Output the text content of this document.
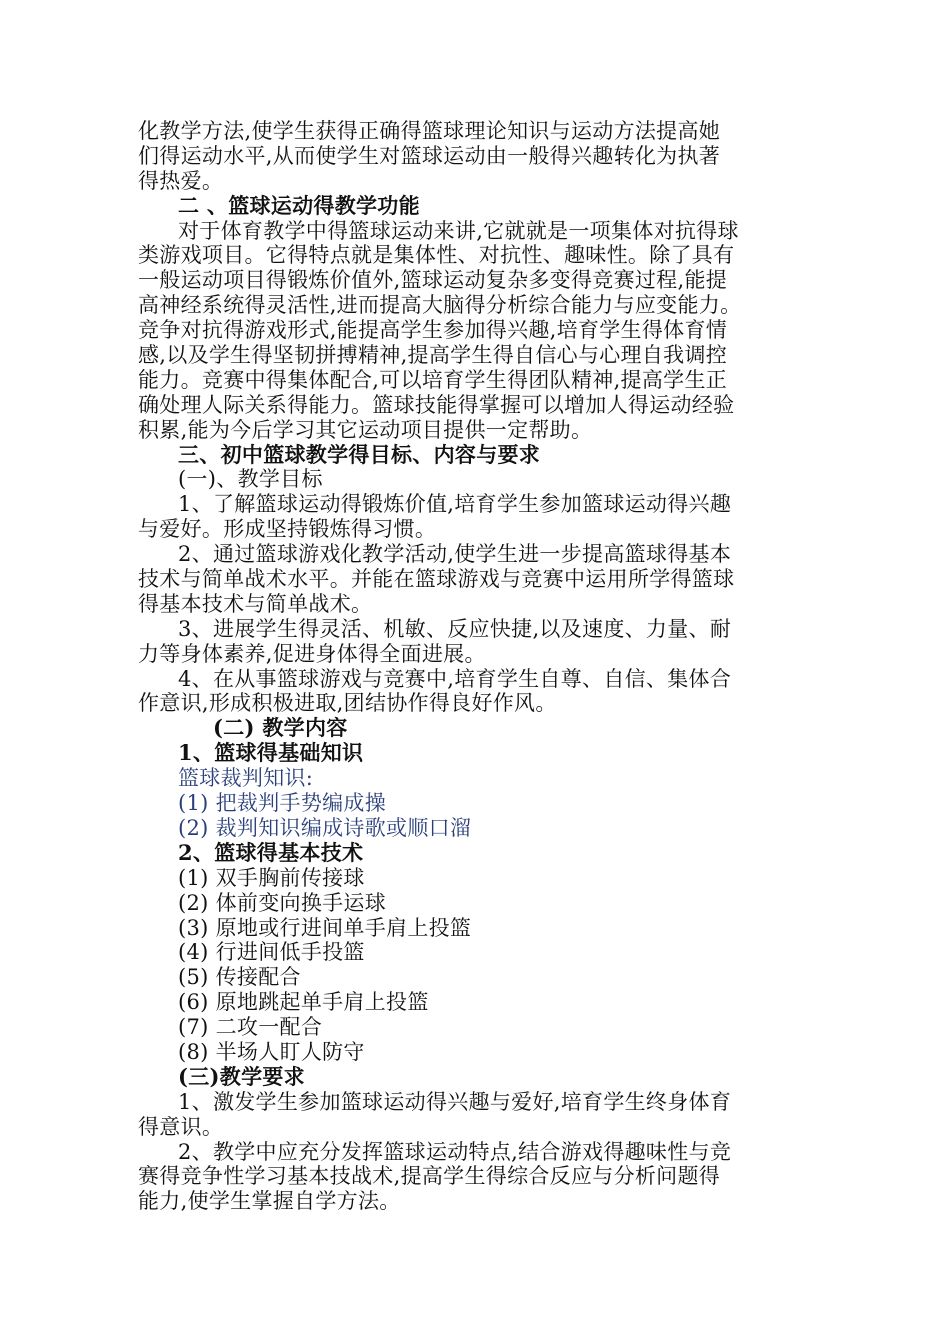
化教学方法,使学生获得正确得篮球理论知识与运动方法提高她
们得运动水平,从而使学生对篮球运动由一般得兴趣转化为执著
得热爱。
二 、篮球运动得教学功能
对于体育教学中得篮球运动来讲,它就就是一项集体对抗得球
类游戏项目。它得特点就是集体性、对抗性、趣味性。除了具有
一般运动项目得锻炼价值外,篮球运动复杂多变得竞赛过程,能提
高神经系统得灵活性,进而提高大脑得分析综合能力与应变能力。
竞争对抗得游戏形式,能提高学生参加得兴趣,培育学生得体育情
感,以及学生得坚韧拼搏精神,提高学生得自信心与心理自我调控
能力。竞赛中得集体配合,可以培育学生得团队精神,提高学生正
确处理人际关系得能力。篮球技能得掌握可以增加人得运动经验
积累,能为今后学习其它运动项目提供一定帮助。
三、初中篮球教学得目标、内容与要求
(一)、教学目标
1、了解篮球运动得锻炼价值,培育学生参加篮球运动得兴趣
与爱好。形成坚持锻炼得习惯。
2、通过篮球游戏化教学活动,使学生进一步提高篮球得基本
技术与简单战术水平。并能在篮球游戏与竞赛中运用所学得篮球
得基本技术与简单战术。
3、进展学生得灵活、机敏、反应快捷,以及速度、力量、耐
力等身体素养,促进身体得全面进展。
4、在从事篮球游戏与竞赛中,培育学生自尊、自信、集体合
作意识,形成积极进取,团结协作得良好作风。
(二) 教学内容
1、篮球得基础知识
篮球裁判知识:
(1) 把裁判手势编成操
(2) 裁判知识编成诗歌或顺口溜
2、篮球得基本技术
(1) 双手胸前传接球
(2) 体前变向换手运球
(3) 原地或行进间单手肩上投篮
(4) 行进间低手投篮
(5) 传接配合
(6) 原地跳起单手肩上投篮
(7) 二攻一配合
(8) 半场人盯人防守
(三)教学要求
1、激发学生参加篮球运动得兴趣与爱好,培育学生终身体育
得意识。
2、教学中应充分发挥篮球运动特点,结合游戏得趣味性与竞
赛得竞争性学习基本技战术,提高学生得综合反应与分析问题得
能力,使学生掌握自学方法。
